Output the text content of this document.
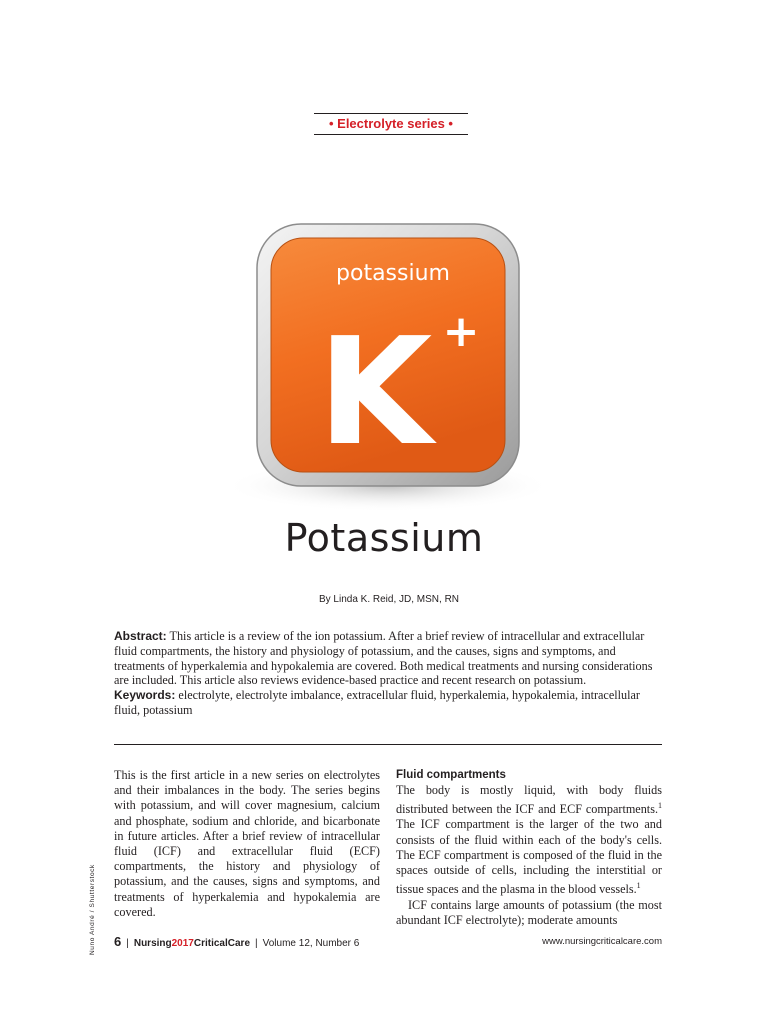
• Electrolyte series •
potassium
K +
Potassium
By Linda K. Reid, JD, MSN, RN
Abstract: This article is a review of the ion potassium. After a brief review of intracellular and extracellular fluid compartments, the history and physiology of potassium, and the causes, signs and symptoms, and treatments of hyperkalemia and hypokalemia are covered. Both medical treatments and nursing considerations are included. This article also reviews evidence-based practice and recent research on potassium.
Keywords: electrolyte, electrolyte imbalance, extracellular fluid, hyperkalemia, hypokalemia, intracellular fluid, potassium

This is the first article in a new series on electrolytes and their imbalances in the body. The series begins with potassium, and will cover magnesium, calcium and phosphate, sodium and chloride, and bicarbonate in future articles. After a brief review of intracellular fluid (ICF) and extracellular fluid (ECF) compartments, the history and physiology of potassium, and the causes, signs and symptoms, and treatments of hyperkalemia and hypokalemia are covered.

Fluid compartments

The body is mostly liquid, with body fluids distributed between the ICF and ECF compartments.$^1$ The ICF compartment is the larger of the two and consists of the fluid within each of the body's cells. The ECF compartment is composed of the fluid in the spaces outside of cells, including the interstitial or tissue spaces and the plasma in the blood vessels.$^1$

ICF contains large amounts of potassium (the most abundant ICF electrolyte); moderate amounts

Nuno André / Shutterstock 6 | Nursing2017CriticalCare | Volume 12, Number 6	www.nursingcriticalcare.com
